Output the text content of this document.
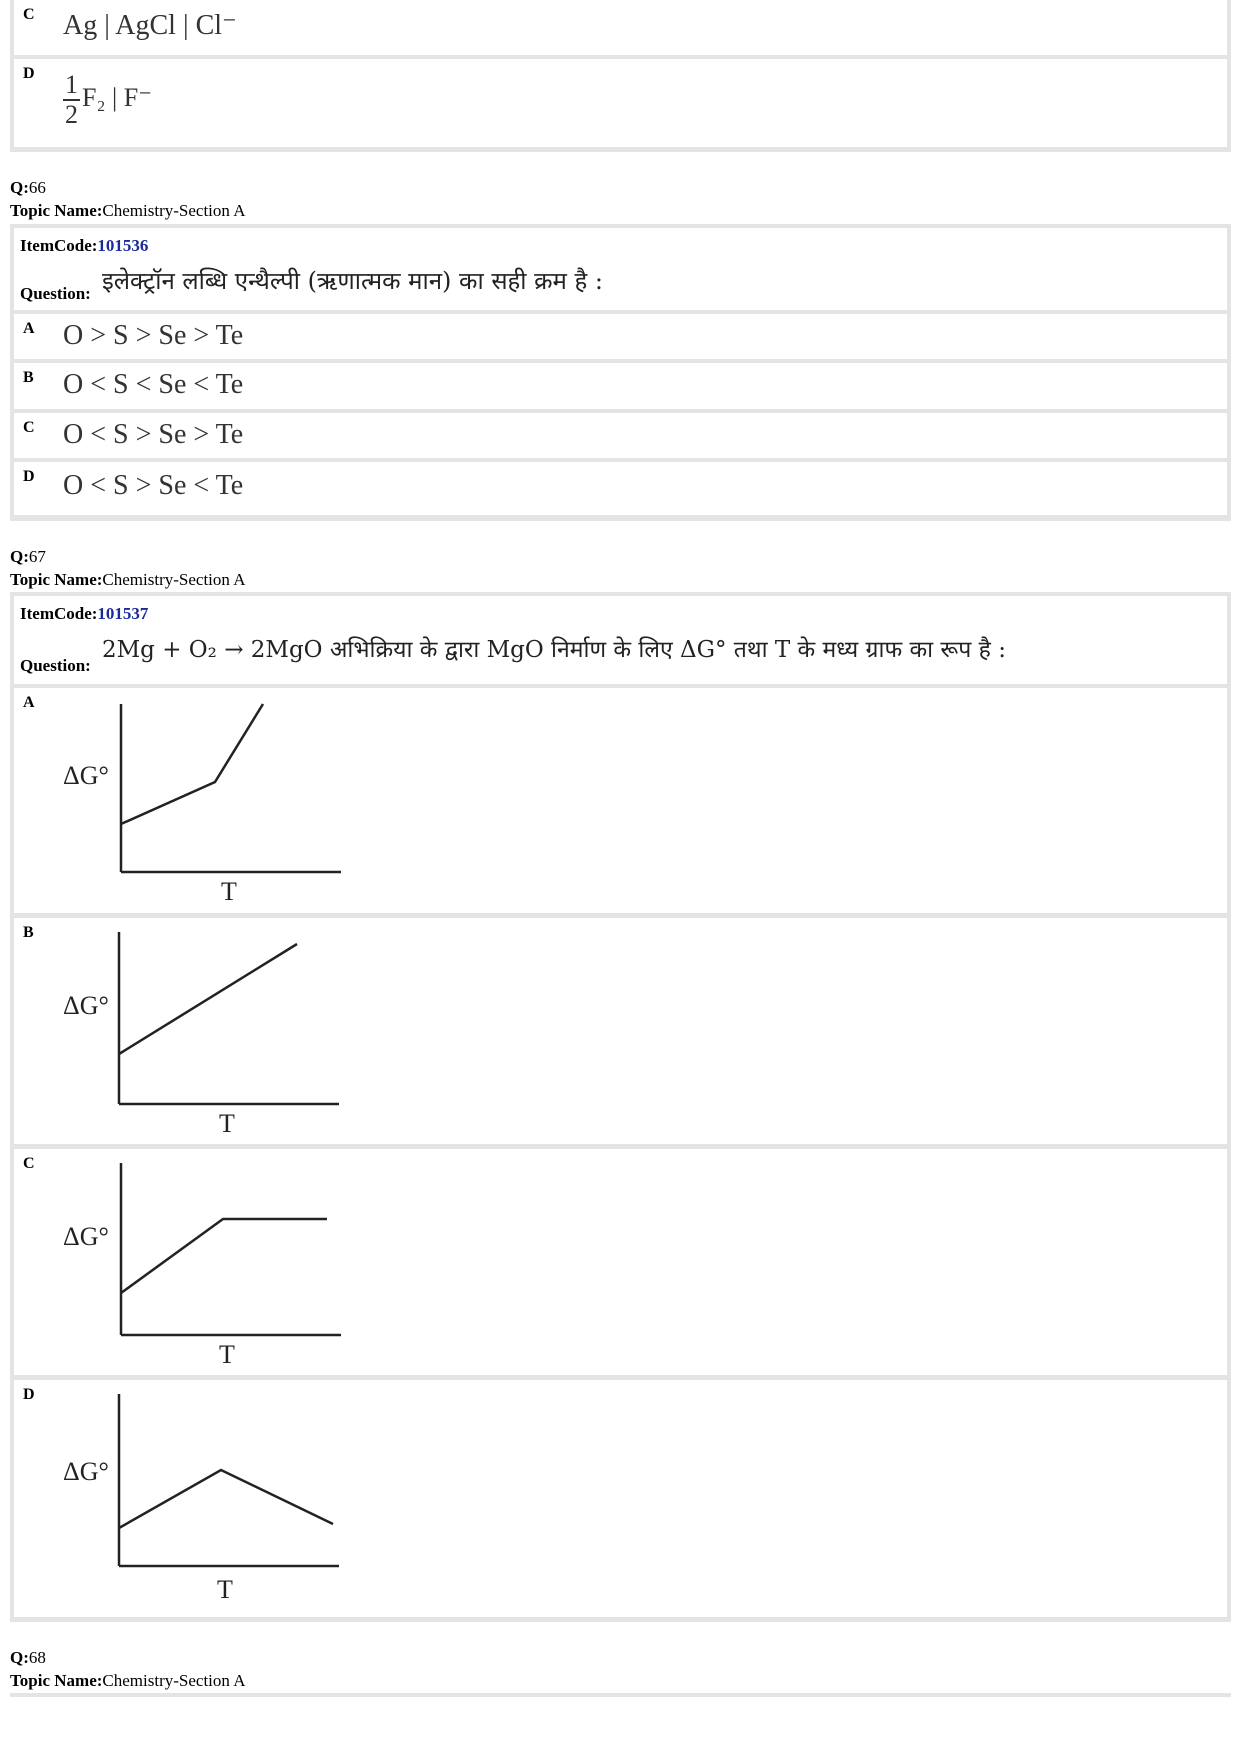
C Ag | AgCl | Cl⁻
D $\frac{1}{2} F_2$ | F⁻
Q:66
Topic Name:Chemistry-Section A
ItemCode:101536
Question: इलेक्ट्रॉन लब्धि एन्थैल्पी (ऋणात्मक मान) का सही क्रम है :
A O > S > Se > Te
B O < S < Se < Te
C O < S > Se > Te
D O < S > Se < Te
Q:67
Topic Name:Chemistry-Section A
ItemCode:101537
Question:
2Mg + O₂ → 2MgO अभिक्रिया के द्वारा MgO निर्माण के लिए ΔG° तथा T के मध्य ग्राफ का रूप है :
A
ΔG°
T
B
ΔG°
T
C
ΔG°
T
D
ΔG°
T
Q:68
Topic Name:Chemistry-Section A
